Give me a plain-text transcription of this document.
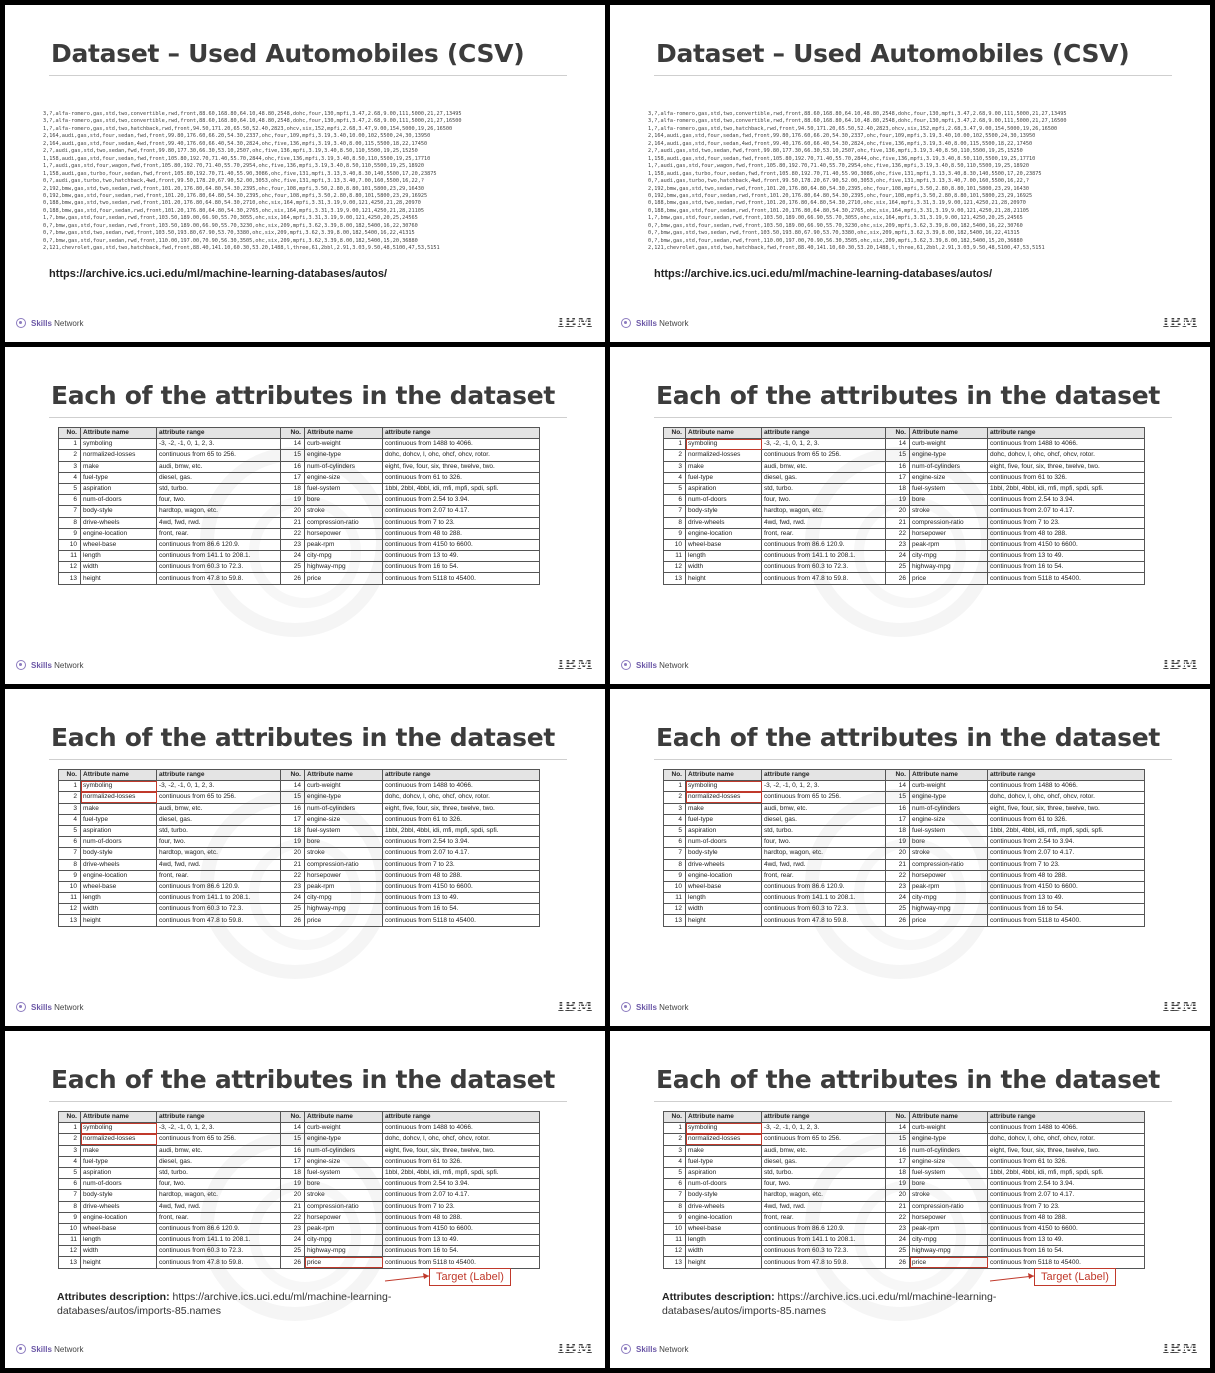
Dataset – Used Automobiles (CSV)
3,?,alfa-romero,gas,std,two,convertible,rwd,front,88.60,168.80,64.10,48.80,2548,dohc,four,130,mpfi,3.47,2.68,9.00,111,5000,21,27,13495
3,?,alfa-romero,gas,std,two,convertible,rwd,front,88.60,168.80,64.10,48.80,2548,dohc,four,130,mpfi,3.47,2.68,9.00,111,5000,21,27,16500
1,?,alfa-romero,gas,std,two,hatchback,rwd,front,94.50,171.20,65.50,52.40,2823,ohcv,six,152,mpfi,2.68,3.47,9.00,154,5000,19,26,16500
2,164,audi,gas,std,four,sedan,fwd,front,99.80,176.60,66.20,54.30,2337,ohc,four,109,mpfi,3.19,3.40,10.00,102,5500,24,30,13950
2,164,audi,gas,std,four,sedan,4wd,front,99.40,176.60,66.40,54.30,2824,ohc,five,136,mpfi,3.19,3.40,8.00,115,5500,18,22,17450
2,?,audi,gas,std,two,sedan,fwd,front,99.80,177.30,66.30,53.10,2507,ohc,five,136,mpfi,3.19,3.40,8.50,110,5500,19,25,15250
1,158,audi,gas,std,four,sedan,fwd,front,105.80,192.70,71.40,55.70,2844,ohc,five,136,mpfi,3.19,3.40,8.50,110,5500,19,25,17710
1,?,audi,gas,std,four,wagon,fwd,front,105.80,192.70,71.40,55.70,2954,ohc,five,136,mpfi,3.19,3.40,8.50,110,5500,19,25,18920
1,158,audi,gas,turbo,four,sedan,fwd,front,105.80,192.70,71.40,55.90,3086,ohc,five,131,mpfi,3.13,3.40,8.30,140,5500,17,20,23875
0,?,audi,gas,turbo,two,hatchback,4wd,front,99.50,178.20,67.90,52.00,3053,ohc,five,131,mpfi,3.13,3.40,7.00,160,5500,16,22,?
2,192,bmw,gas,std,two,sedan,rwd,front,101.20,176.80,64.80,54.30,2395,ohc,four,108,mpfi,3.50,2.80,8.80,101,5800,23,29,16430
0,192,bmw,gas,std,four,sedan,rwd,front,101.20,176.80,64.80,54.30,2395,ohc,four,108,mpfi,3.50,2.80,8.80,101,5800,23,29,16925
0,188,bmw,gas,std,two,sedan,rwd,front,101.20,176.80,64.80,54.30,2710,ohc,six,164,mpfi,3.31,3.19,9.00,121,4250,21,28,20970
0,188,bmw,gas,std,four,sedan,rwd,front,101.20,176.80,64.80,54.30,2765,ohc,six,164,mpfi,3.31,3.19,9.00,121,4250,21,28,21105
1,?,bmw,gas,std,four,sedan,rwd,front,103.50,189.00,66.90,55.70,3055,ohc,six,164,mpfi,3.31,3.19,9.00,121,4250,20,25,24565
0,?,bmw,gas,std,four,sedan,rwd,front,103.50,189.00,66.90,55.70,3230,ohc,six,209,mpfi,3.62,3.39,8.00,182,5400,16,22,30760
0,?,bmw,gas,std,two,sedan,rwd,front,103.50,193.80,67.90,53.70,3380,ohc,six,209,mpfi,3.62,3.39,8.00,182,5400,16,22,41315
0,?,bmw,gas,std,four,sedan,rwd,front,110.00,197.00,70.90,56.30,3505,ohc,six,209,mpfi,3.62,3.39,8.00,182,5400,15,20,36880
2,121,chevrolet,gas,std,two,hatchback,fwd,front,88.40,141.10,60.30,53.20,1488,l,three,61,2bbl,2.91,3.03,9.50,48,5100,47,53,5151
https://archive.ics.uci.edu/ml/machine-learning-databases/autos/
Skills Network	IBM
Dataset – Used Automobiles (CSV)
3,?,alfa-romero,gas,std,two,convertible,rwd,front,88.60,168.80,64.10,48.80,2548,dohc,four,130,mpfi,3.47,2.68,9.00,111,5000,21,27,13495
3,?,alfa-romero,gas,std,two,convertible,rwd,front,88.60,168.80,64.10,48.80,2548,dohc,four,130,mpfi,3.47,2.68,9.00,111,5000,21,27,16500
1,?,alfa-romero,gas,std,two,hatchback,rwd,front,94.50,171.20,65.50,52.40,2823,ohcv,six,152,mpfi,2.68,3.47,9.00,154,5000,19,26,16500
2,164,audi,gas,std,four,sedan,fwd,front,99.80,176.60,66.20,54.30,2337,ohc,four,109,mpfi,3.19,3.40,10.00,102,5500,24,30,13950
2,164,audi,gas,std,four,sedan,4wd,front,99.40,176.60,66.40,54.30,2824,ohc,five,136,mpfi,3.19,3.40,8.00,115,5500,18,22,17450
2,?,audi,gas,std,two,sedan,fwd,front,99.80,177.30,66.30,53.10,2507,ohc,five,136,mpfi,3.19,3.40,8.50,110,5500,19,25,15250
1,158,audi,gas,std,four,sedan,fwd,front,105.80,192.70,71.40,55.70,2844,ohc,five,136,mpfi,3.19,3.40,8.50,110,5500,19,25,17710
1,?,audi,gas,std,four,wagon,fwd,front,105.80,192.70,71.40,55.70,2954,ohc,five,136,mpfi,3.19,3.40,8.50,110,5500,19,25,18920
1,158,audi,gas,turbo,four,sedan,fwd,front,105.80,192.70,71.40,55.90,3086,ohc,five,131,mpfi,3.13,3.40,8.30,140,5500,17,20,23875
0,?,audi,gas,turbo,two,hatchback,4wd,front,99.50,178.20,67.90,52.00,3053,ohc,five,131,mpfi,3.13,3.40,7.00,160,5500,16,22,?
2,192,bmw,gas,std,two,sedan,rwd,front,101.20,176.80,64.80,54.30,2395,ohc,four,108,mpfi,3.50,2.80,8.80,101,5800,23,29,16430
0,192,bmw,gas,std,four,sedan,rwd,front,101.20,176.80,64.80,54.30,2395,ohc,four,108,mpfi,3.50,2.80,8.80,101,5800,23,29,16925
0,188,bmw,gas,std,two,sedan,rwd,front,101.20,176.80,64.80,54.30,2710,ohc,six,164,mpfi,3.31,3.19,9.00,121,4250,21,28,20970
0,188,bmw,gas,std,four,sedan,rwd,front,101.20,176.80,64.80,54.30,2765,ohc,six,164,mpfi,3.31,3.19,9.00,121,4250,21,28,21105
1,?,bmw,gas,std,four,sedan,rwd,front,103.50,189.00,66.90,55.70,3055,ohc,six,164,mpfi,3.31,3.19,9.00,121,4250,20,25,24565
0,?,bmw,gas,std,four,sedan,rwd,front,103.50,189.00,66.90,55.70,3230,ohc,six,209,mpfi,3.62,3.39,8.00,182,5400,16,22,30760
0,?,bmw,gas,std,two,sedan,rwd,front,103.50,193.80,67.90,53.70,3380,ohc,six,209,mpfi,3.62,3.39,8.00,182,5400,16,22,41315
0,?,bmw,gas,std,four,sedan,rwd,front,110.00,197.00,70.90,56.30,3505,ohc,six,209,mpfi,3.62,3.39,8.00,182,5400,15,20,36880
2,121,chevrolet,gas,std,two,hatchback,fwd,front,88.40,141.10,60.30,53.20,1488,l,three,61,2bbl,2.91,3.03,9.50,48,5100,47,53,5151
https://archive.ics.uci.edu/ml/machine-learning-databases/autos/
Skills Network	IBM
Each of the attributes in the dataset
No.	Attribute name	attribute range	No.	Attribute name	attribute range
1	symboling	-3, -2, -1, 0, 1, 2, 3.	14	curb-weight	continuous from 1488 to 4066.
2	normalized-losses	continuous from 65 to 256.	15	engine-type	dohc, dohcv, l, ohc, ohcf, ohcv, rotor.
3	make	audi, bmw, etc.	16	num-of-cylinders	eight, five, four, six, three, twelve, two.
4	fuel-type	diesel, gas.	17	engine-size	continuous from 61 to 326.
5	aspiration	std, turbo.	18	fuel-system	1bbl, 2bbl, 4bbl, idi, mfi, mpfi, spdi, spfi.
6	num-of-doors	four, two.	19	bore	continuous from 2.54 to 3.94.
7	body-style	hardtop, wagon, etc.	20	stroke	continuous from 2.07 to 4.17.
8	drive-wheels	4wd, fwd, rwd.	21	compression-ratio	continuous from 7 to 23.
9	engine-location	front, rear.	22	horsepower	continuous from 48 to 288.
10	wheel-base	continuous from 86.6 120.9.	23	peak-rpm	continuous from 4150 to 6600.
11	length	continuous from 141.1 to 208.1.	24	city-mpg	continuous from 13 to 49.
12	width	continuous from 60.3 to 72.3.	25	highway-mpg	continuous from 16 to 54.
13	height	continuous from 47.8 to 59.8.	26	price	continuous from 5118 to 45400.
Skills Network	IBM
Each of the attributes in the dataset
No.	Attribute name	attribute range	No.	Attribute name	attribute range
1	symboling	-3, -2, -1, 0, 1, 2, 3.	14	curb-weight	continuous from 1488 to 4066.
2	normalized-losses	continuous from 65 to 256.	15	engine-type	dohc, dohcv, l, ohc, ohcf, ohcv, rotor.
3	make	audi, bmw, etc.	16	num-of-cylinders	eight, five, four, six, three, twelve, two.
4	fuel-type	diesel, gas.	17	engine-size	continuous from 61 to 326.
5	aspiration	std, turbo.	18	fuel-system	1bbl, 2bbl, 4bbl, idi, mfi, mpfi, spdi, spfi.
6	num-of-doors	four, two.	19	bore	continuous from 2.54 to 3.94.
7	body-style	hardtop, wagon, etc.	20	stroke	continuous from 2.07 to 4.17.
8	drive-wheels	4wd, fwd, rwd.	21	compression-ratio	continuous from 7 to 23.
9	engine-location	front, rear.	22	horsepower	continuous from 48 to 288.
10	wheel-base	continuous from 86.6 120.9.	23	peak-rpm	continuous from 4150 to 6600.
11	length	continuous from 141.1 to 208.1.	24	city-mpg	continuous from 13 to 49.
12	width	continuous from 60.3 to 72.3.	25	highway-mpg	continuous from 16 to 54.
13	height	continuous from 47.8 to 59.8.	26	price	continuous from 5118 to 45400.
Skills Network	IBM
Each of the attributes in the dataset
No.	Attribute name	attribute range	No.	Attribute name	attribute range
1	symboling	-3, -2, -1, 0, 1, 2, 3.	14	curb-weight	continuous from 1488 to 4066.
2	normalized-losses	continuous from 65 to 256.	15	engine-type	dohc, dohcv, l, ohc, ohcf, ohcv, rotor.
3	make	audi, bmw, etc.	16	num-of-cylinders	eight, five, four, six, three, twelve, two.
4	fuel-type	diesel, gas.	17	engine-size	continuous from 61 to 326.
5	aspiration	std, turbo.	18	fuel-system	1bbl, 2bbl, 4bbl, idi, mfi, mpfi, spdi, spfi.
6	num-of-doors	four, two.	19	bore	continuous from 2.54 to 3.94.
7	body-style	hardtop, wagon, etc.	20	stroke	continuous from 2.07 to 4.17.
8	drive-wheels	4wd, fwd, rwd.	21	compression-ratio	continuous from 7 to 23.
9	engine-location	front, rear.	22	horsepower	continuous from 48 to 288.
10	wheel-base	continuous from 86.6 120.9.	23	peak-rpm	continuous from 4150 to 6600.
11	length	continuous from 141.1 to 208.1.	24	city-mpg	continuous from 13 to 49.
12	width	continuous from 60.3 to 72.3.	25	highway-mpg	continuous from 16 to 54.
13	height	continuous from 47.8 to 59.8.	26	price	continuous from 5118 to 45400.
Skills Network	IBM
Each of the attributes in the dataset
No.	Attribute name	attribute range	No.	Attribute name	attribute range
1	symboling	-3, -2, -1, 0, 1, 2, 3.	14	curb-weight	continuous from 1488 to 4066.
2	normalized-losses	continuous from 65 to 256.	15	engine-type	dohc, dohcv, l, ohc, ohcf, ohcv, rotor.
3	make	audi, bmw, etc.	16	num-of-cylinders	eight, five, four, six, three, twelve, two.
4	fuel-type	diesel, gas.	17	engine-size	continuous from 61 to 326.
5	aspiration	std, turbo.	18	fuel-system	1bbl, 2bbl, 4bbl, idi, mfi, mpfi, spdi, spfi.
6	num-of-doors	four, two.	19	bore	continuous from 2.54 to 3.94.
7	body-style	hardtop, wagon, etc.	20	stroke	continuous from 2.07 to 4.17.
8	drive-wheels	4wd, fwd, rwd.	21	compression-ratio	continuous from 7 to 23.
9	engine-location	front, rear.	22	horsepower	continuous from 48 to 288.
10	wheel-base	continuous from 86.6 120.9.	23	peak-rpm	continuous from 4150 to 6600.
11	length	continuous from 141.1 to 208.1.	24	city-mpg	continuous from 13 to 49.
12	width	continuous from 60.3 to 72.3.	25	highway-mpg	continuous from 16 to 54.
13	height	continuous from 47.8 to 59.8.	26	price	continuous from 5118 to 45400.
Skills Network	IBM
Each of the attributes in the dataset
No.	Attribute name	attribute range	No.	Attribute name	attribute range
1	symboling	-3, -2, -1, 0, 1, 2, 3.	14	curb-weight	continuous from 1488 to 4066.
2	normalized-losses	continuous from 65 to 256.	15	engine-type	dohc, dohcv, l, ohc, ohcf, ohcv, rotor.
3	make	audi, bmw, etc.	16	num-of-cylinders	eight, five, four, six, three, twelve, two.
4	fuel-type	diesel, gas.	17	engine-size	continuous from 61 to 326.
5	aspiration	std, turbo.	18	fuel-system	1bbl, 2bbl, 4bbl, idi, mfi, mpfi, spdi, spfi.
6	num-of-doors	four, two.	19	bore	continuous from 2.54 to 3.94.
7	body-style	hardtop, wagon, etc.	20	stroke	continuous from 2.07 to 4.17.
8	drive-wheels	4wd, fwd, rwd.	21	compression-ratio	continuous from 7 to 23.
9	engine-location	front, rear.	22	horsepower	continuous from 48 to 288.
10	wheel-base	continuous from 86.6 120.9.	23	peak-rpm	continuous from 4150 to 6600.
11	length	continuous from 141.1 to 208.1.	24	city-mpg	continuous from 13 to 49.
12	width	continuous from 60.3 to 72.3.	25	highway-mpg	continuous from 16 to 54.
13	height	continuous from 47.8 to 59.8.	26	price	continuous from 5118 to 45400.
Skills Network	IBM
Target (Label)
Attributes description: https://archive.ics.uci.edu/ml/machine-learning-databases/autos/imports-85.names
Each of the attributes in the dataset
No.	Attribute name	attribute range	No.	Attribute name	attribute range
1	symboling	-3, -2, -1, 0, 1, 2, 3.	14	curb-weight	continuous from 1488 to 4066.
2	normalized-losses	continuous from 65 to 256.	15	engine-type	dohc, dohcv, l, ohc, ohcf, ohcv, rotor.
3	make	audi, bmw, etc.	16	num-of-cylinders	eight, five, four, six, three, twelve, two.
4	fuel-type	diesel, gas.	17	engine-size	continuous from 61 to 326.
5	aspiration	std, turbo.	18	fuel-system	1bbl, 2bbl, 4bbl, idi, mfi, mpfi, spdi, spfi.
6	num-of-doors	four, two.	19	bore	continuous from 2.54 to 3.94.
7	body-style	hardtop, wagon, etc.	20	stroke	continuous from 2.07 to 4.17.
8	drive-wheels	4wd, fwd, rwd.	21	compression-ratio	continuous from 7 to 23.
9	engine-location	front, rear.	22	horsepower	continuous from 48 to 288.
10	wheel-base	continuous from 86.6 120.9.	23	peak-rpm	continuous from 4150 to 6600.
11	length	continuous from 141.1 to 208.1.	24	city-mpg	continuous from 13 to 49.
12	width	continuous from 60.3 to 72.3.	25	highway-mpg	continuous from 16 to 54.
13	height	continuous from 47.8 to 59.8.	26	price	continuous from 5118 to 45400.
Skills Network	IBM
Target (Label)
Attributes description: https://archive.ics.uci.edu/ml/machine-learning-databases/autos/imports-85.names
